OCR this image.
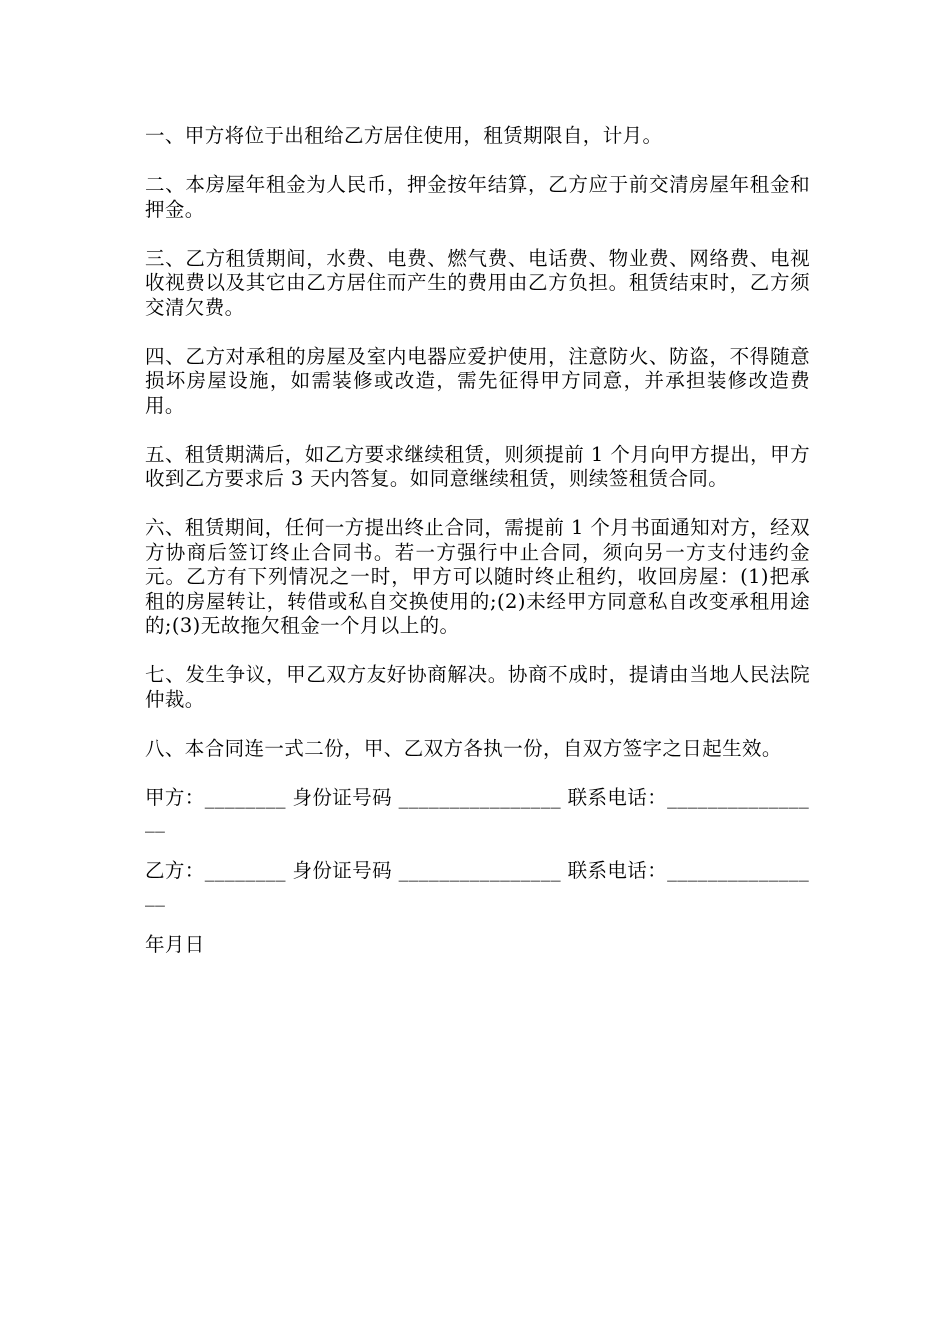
一、甲方将位于出租给乙方居住使用，租赁期限自，计月。

二、本房屋年租金为人民币，押金按年结算，乙方应于前交清房屋年租金和押金。

三、乙方租赁期间，水费、电费、燃气费、电话费、物业费、网络费、电视收视费以及其它由乙方居住而产生的费用由乙方负担。租赁结束时，乙方须交清欠费。

四、乙方对承租的房屋及室内电器应爱护使用，注意防火、防盗，不得随意损坏房屋设施，如需装修或改造，需先征得甲方同意，并承担装修改造费用。

五、租赁期满后，如乙方要求继续租赁，则须提前 1 个月向甲方提出，甲方收到乙方要求后 3 天内答复。如同意继续租赁，则续签租赁合同。

六、租赁期间，任何一方提出终止合同，需提前 1 个月书面通知对方，经双方协商后签订终止合同书。若一方强行中止合同，须向另一方支付违约金元。乙方有下列情况之一时，甲方可以随时终止租约，收回房屋：(1)把承租的房屋转让，转借或私自交换使用的;(2)未经甲方同意私自改变承租用途的;(3)无故拖欠租金一个月以上的。

七、发生争议，甲乙双方友好协商解决。协商不成时，提请由当地人民法院仲裁。

八、本合同连一式二份，甲、乙双方各执一份，自双方签字之日起生效。

甲方：________ 身份证号码 ________________ 联系电话：________________

乙方：________ 身份证号码 ________________ 联系电话：________________

年月日
